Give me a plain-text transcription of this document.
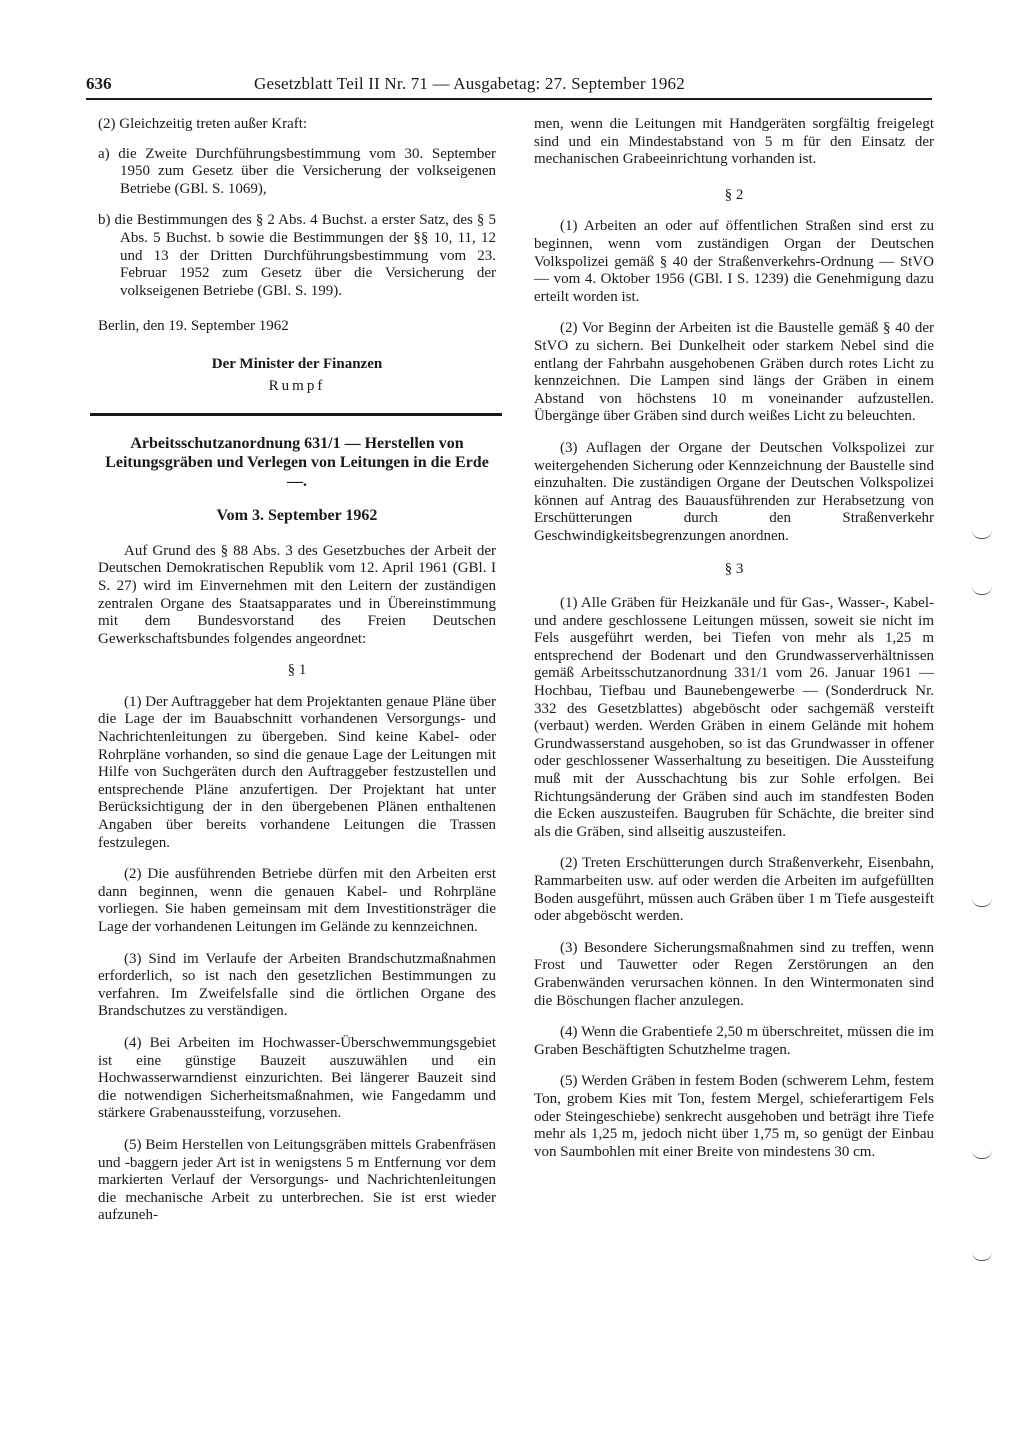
636	Gesetzblatt Teil II Nr. 71 — Ausgabetag: 27. September 1962

(2) Gleichzeitig treten außer Kraft:

a) die Zweite Durchführungsbestimmung vom 30. September 1950 zum Gesetz über die Versicherung der volkseigenen Betriebe (GBl. S. 1069),

b) die Bestimmungen des § 2 Abs. 4 Buchst. a erster Satz, des § 5 Abs. 5 Buchst. b sowie die Bestimmungen der §§ 10, 11, 12 und 13 der Dritten Durchführungsbestimmung vom 23. Februar 1952 zum Gesetz über die Versicherung der volkseigenen Betriebe (GBl. S. 199).

Berlin, den 19. September 1962

Der Minister der Finanzen

Rumpf

Arbeitsschutzanordnung 631/1 — Herstellen von Leitungsgräben und Verlegen von Leitungen in die Erde —.

Vom 3. September 1962

Auf Grund des § 88 Abs. 3 des Gesetzbuches der Arbeit der Deutschen Demokratischen Republik vom 12. April 1961 (GBl. I S. 27) wird im Einvernehmen mit den Leitern der zuständigen zentralen Organe des Staatsapparates und in Übereinstimmung mit dem Bundesvorstand des Freien Deutschen Gewerkschaftsbundes folgendes angeordnet:

§ 1

(1) Der Auftraggeber hat dem Projektanten genaue Pläne über die Lage der im Bauabschnitt vorhandenen Versorgungs- und Nachrichtenleitungen zu übergeben. Sind keine Kabel- oder Rohrpläne vorhanden, so sind die genaue Lage der Leitungen mit Hilfe von Suchgeräten durch den Auftraggeber festzustellen und entsprechende Pläne anzufertigen. Der Projektant hat unter Berücksichtigung der in den übergebenen Plänen enthaltenen Angaben über bereits vorhandene Leitungen die Trassen festzulegen.

(2) Die ausführenden Betriebe dürfen mit den Arbeiten erst dann beginnen, wenn die genauen Kabel- und Rohrpläne vorliegen. Sie haben gemeinsam mit dem Investitionsträger die Lage der vorhandenen Leitungen im Gelände zu kennzeichnen.

(3) Sind im Verlaufe der Arbeiten Brandschutzmaßnahmen erforderlich, so ist nach den gesetzlichen Bestimmungen zu verfahren. Im Zweifelsfalle sind die örtlichen Organe des Brandschutzes zu verständigen.

(4) Bei Arbeiten im Hochwasser-Überschwemmungsgebiet ist eine günstige Bauzeit auszuwählen und ein Hochwasserwarndienst einzurichten. Bei längerer Bauzeit sind die notwendigen Sicherheitsmaßnahmen, wie Fangedamm und stärkere Grabenaussteifung, vorzusehen.

(5) Beim Herstellen von Leitungsgräben mittels Grabenfräsen und -baggern jeder Art ist in wenigstens 5 m Entfernung vor dem markierten Verlauf der Versorgungs- und Nachrichtenleitungen die mechanische Arbeit zu unterbrechen. Sie ist erst wieder aufzuneh-

men, wenn die Leitungen mit Handgeräten sorgfältig freigelegt sind und ein Mindestabstand von 5 m für den Einsatz der mechanischen Grabeeinrichtung vorhanden ist.

§ 2

(1) Arbeiten an oder auf öffentlichen Straßen sind erst zu beginnen, wenn vom zuständigen Organ der Deutschen Volkspolizei gemäß § 40 der Straßenverkehrs-Ordnung — StVO — vom 4. Oktober 1956 (GBl. I S. 1239) die Genehmigung dazu erteilt worden ist.

(2) Vor Beginn der Arbeiten ist die Baustelle gemäß § 40 der StVO zu sichern. Bei Dunkelheit oder starkem Nebel sind die entlang der Fahrbahn ausgehobenen Gräben durch rotes Licht zu kennzeichnen. Die Lampen sind längs der Gräben in einem Abstand von höchstens 10 m voneinander aufzustellen. Übergänge über Gräben sind durch weißes Licht zu beleuchten.

(3) Auflagen der Organe der Deutschen Volkspolizei zur weitergehenden Sicherung oder Kennzeichnung der Baustelle sind einzuhalten. Die zuständigen Organe der Deutschen Volkspolizei können auf Antrag des Bauausführenden zur Herabsetzung von Erschütterungen durch den Straßenverkehr Geschwindigkeitsbegrenzungen anordnen.

§ 3

(1) Alle Gräben für Heizkanäle und für Gas-, Wasser-, Kabel- und andere geschlossene Leitungen müssen, soweit sie nicht im Fels ausgeführt werden, bei Tiefen von mehr als 1,25 m entsprechend der Bodenart und den Grundwasserverhältnissen gemäß Arbeitsschutzanordnung 331/1 vom 26. Januar 1961 — Hochbau, Tiefbau und Baunebengewerbe — (Sonderdruck Nr. 332 des Gesetzblattes) abgeböscht oder sachgemäß versteift (verbaut) werden. Werden Gräben in einem Gelände mit hohem Grundwasserstand ausgehoben, so ist das Grundwasser in offener oder geschlossener Wasserhaltung zu beseitigen. Die Aussteifung muß mit der Ausschachtung bis zur Sohle erfolgen. Bei Richtungsänderung der Gräben sind auch im standfesten Boden die Ecken auszusteifen. Baugruben für Schächte, die breiter sind als die Gräben, sind allseitig auszusteifen.

(2) Treten Erschütterungen durch Straßenverkehr, Eisenbahn, Rammarbeiten usw. auf oder werden die Arbeiten im aufgefüllten Boden ausgeführt, müssen auch Gräben über 1 m Tiefe ausgesteift oder abgeböscht werden.

(3) Besondere Sicherungsmaßnahmen sind zu treffen, wenn Frost und Tauwetter oder Regen Zerstörungen an den Grabenwänden verursachen können. In den Wintermonaten sind die Böschungen flacher anzulegen.

(4) Wenn die Grabentiefe 2,50 m überschreitet, müssen die im Graben Beschäftigten Schutzhelme tragen.

(5) Werden Gräben in festem Boden (schwerem Lehm, festem Ton, grobem Kies mit Ton, festem Mergel, schieferartigem Fels oder Steingeschiebe) senkrecht ausgehoben und beträgt ihre Tiefe mehr als 1,25 m, jedoch nicht über 1,75 m, so genügt der Einbau von Saumbohlen mit einer Breite von mindestens 30 cm.
